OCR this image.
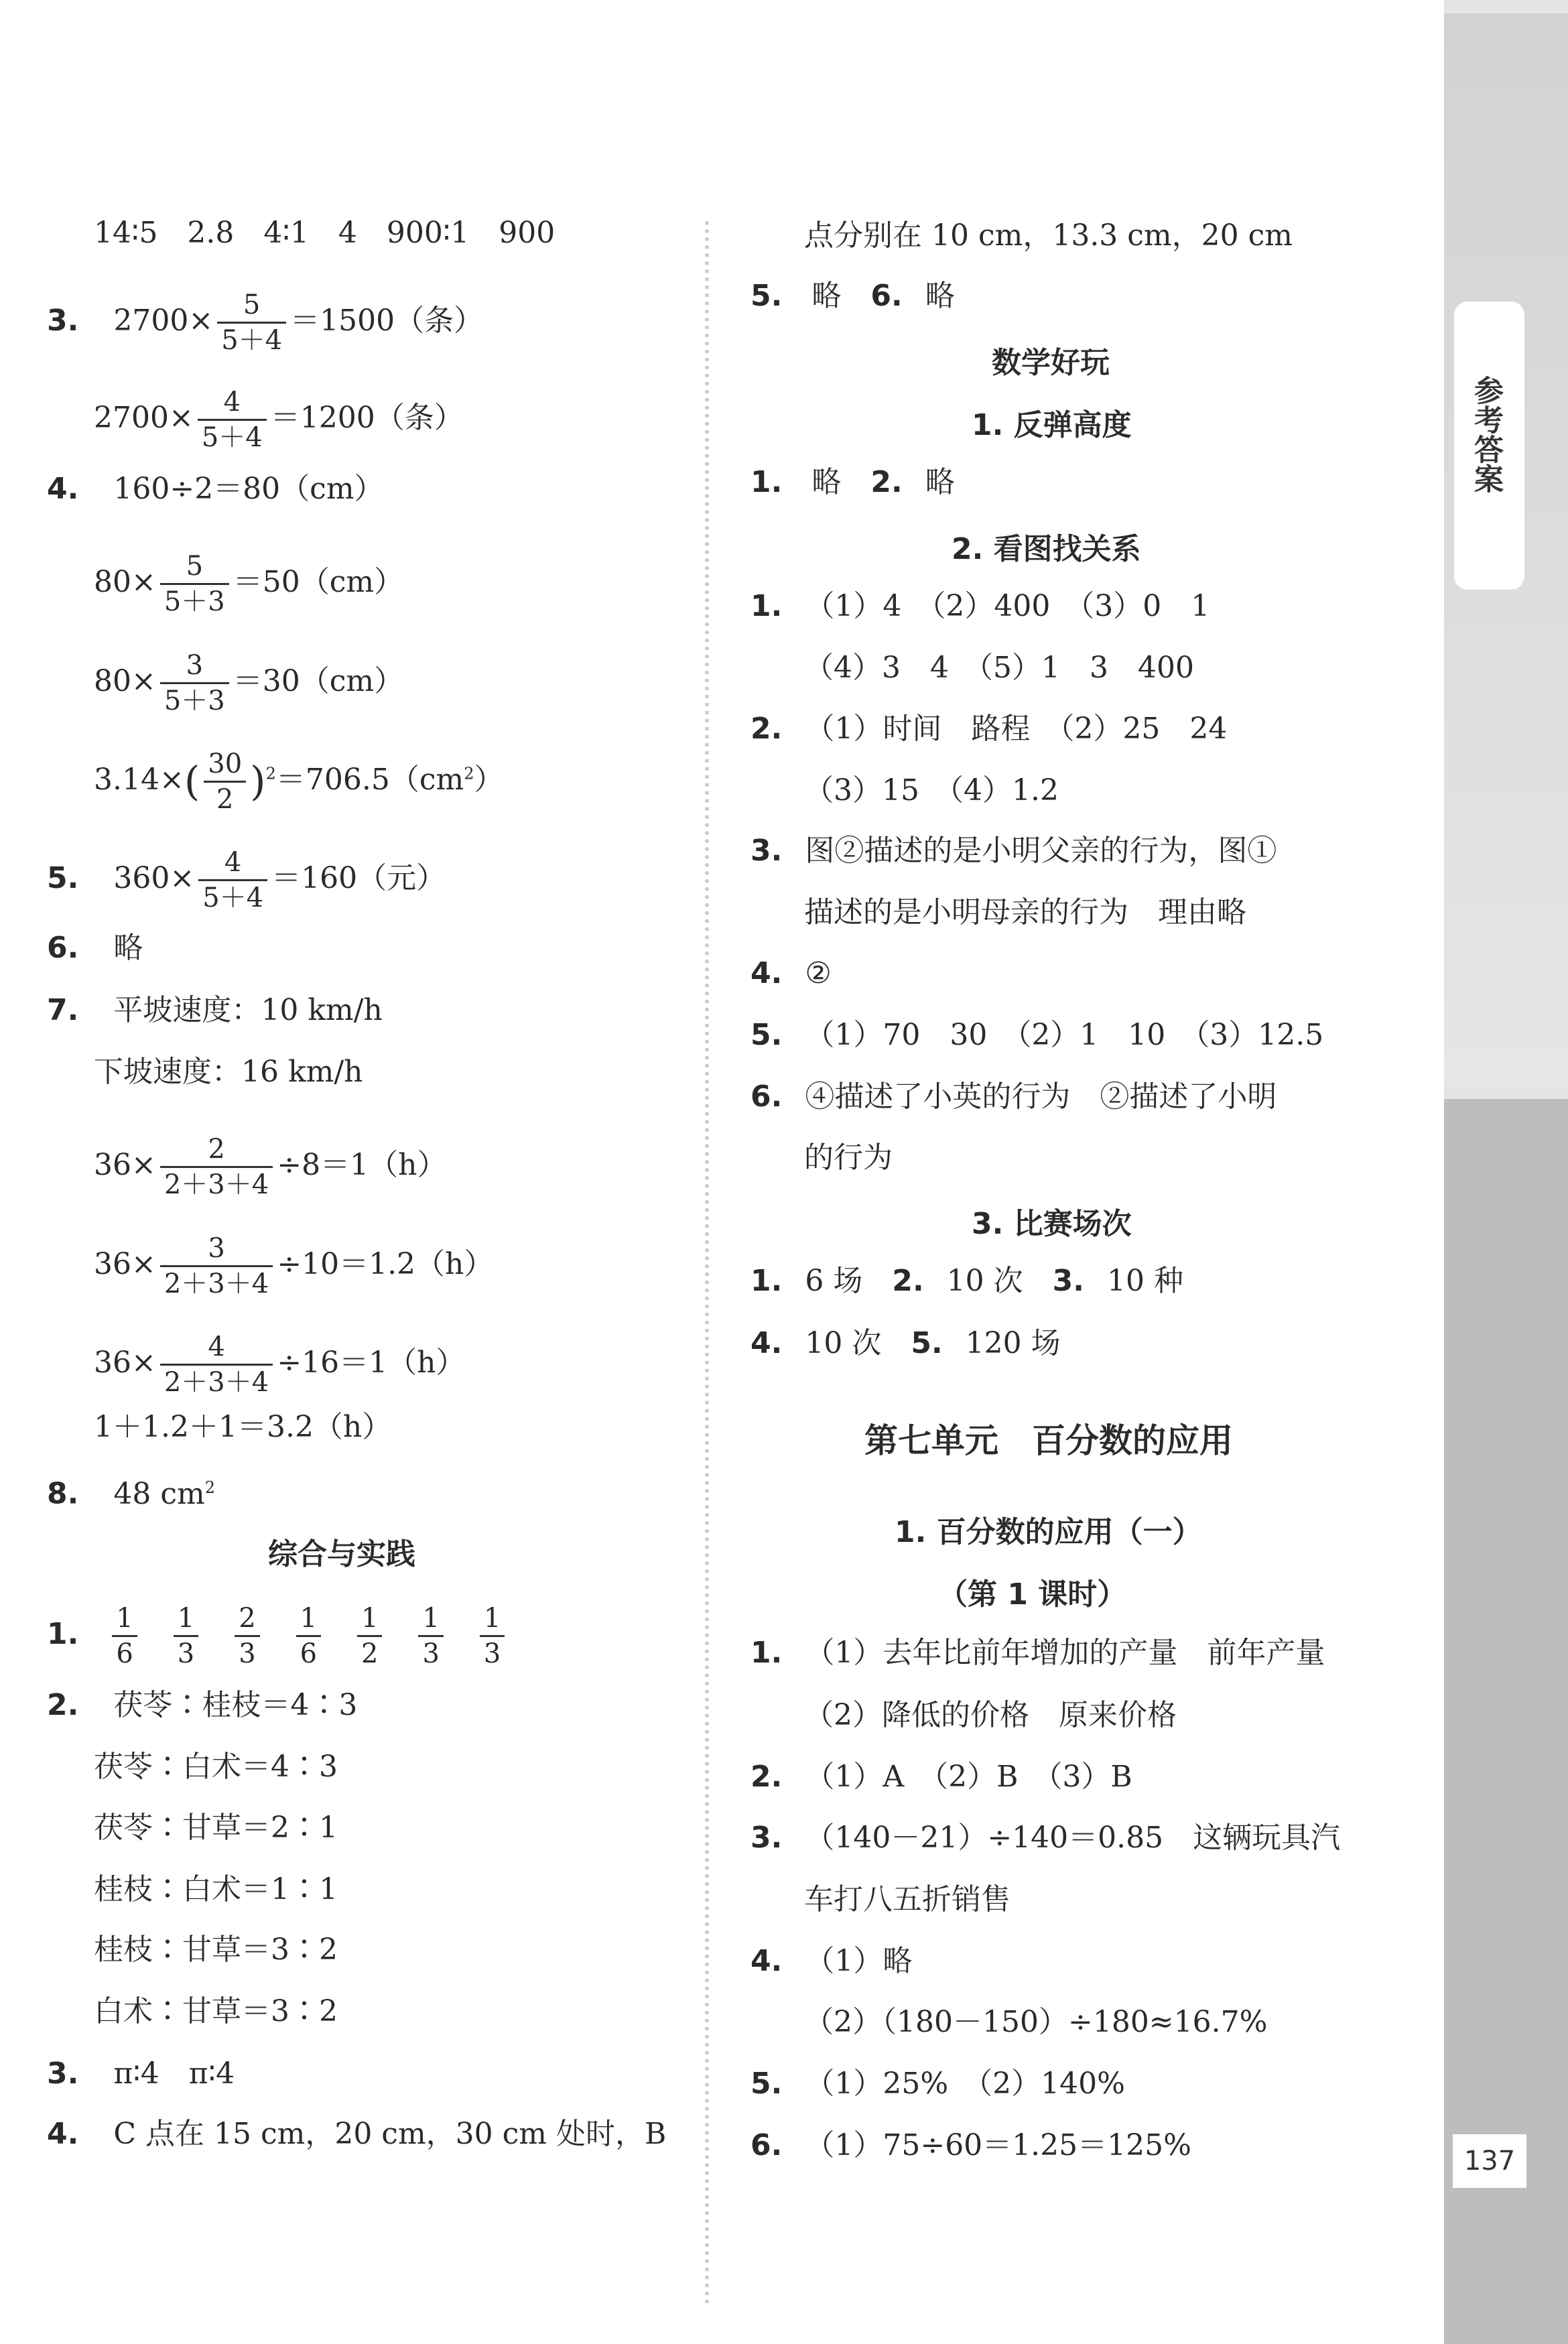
参考答案
137
14∶5　2.8　4∶1　4　900∶1　900
3. $2700\times \frac{5}{5+4} =1500$（条）
$2700\times \frac{4}{5+4} =1200$（条）
4. 160÷2＝80（cm）
$80\times \frac{5}{5+3} =50(cm)$
$80\times \frac{3}{5+3} =30(cm)$
$3.14\times( \frac{30}{2} )^2=706.5(cm^2)$
5. $360\times \frac{4}{5+4} =160$（元）
6. 略
7. 平坡速度：10 km/h
下坡速度：16 km/h
$36\times \frac{2}{2+3+4} \div 8=1(h)$
$36\times \frac{3}{2+3+4} \div 10=1.2(h)$
$36\times \frac{4}{2+3+4} \div 16=1(h)$
1＋1.2＋1＝3.2（h）
8. 48 $cm^2$
综合与实践
1. $\frac{1}{6}$
$\frac{1}{3}$
$\frac{2}{3}$
$\frac{1}{6}$
$\frac{1}{2}$
$\frac{1}{3}$
$\frac{1}{3}$
2. 茯苓∶桂枝＝4∶3
茯苓∶白术＝4∶3
茯苓∶甘草＝2∶1
桂枝∶白术＝1∶1
桂枝∶甘草＝3∶2
白术∶甘草＝3∶2
3. π∶4　π∶4
4. C 点在 15 cm，20 cm，30 cm 处时，B
点分别在 10 cm，13.3 cm，20 cm
5. 略　6. 略
数学好玩
1. 反弹高度
1. 略　2. 略
2. 看图找关系
1. （1）4　（2）400　（3）0　1
（4）3　4　（5）1　3　400
2. （1）时间　路程　（2）25　24
（3）15　（4）1.2
3. 图②描述的是小明父亲的行为，图①
描述的是小明母亲的行为　理由略
4. ②
5. （1）70　30　（2）1　10　（3）12.5
6. ④描述了小英的行为　②描述了小明
的行为
3. 比赛场次
1. 6 场　2. 10 次　3. 10 种
4. 10 次　5. 120 场
第七单元　百分数的应用
1. 百分数的应用（一）
（第 1 课时）
1. （1）去年比前年增加的产量　前年产量
（2）降低的价格　原来价格
2. （1）A　（2）B　（3）B
3. （140－21）÷140＝0.85　这辆玩具汽
车打八五折销售
4. （1）略
（2）（180－150）÷180≈16.7%
5. （1）25%　（2）140%
6. （1）75÷60＝1.25＝125%
